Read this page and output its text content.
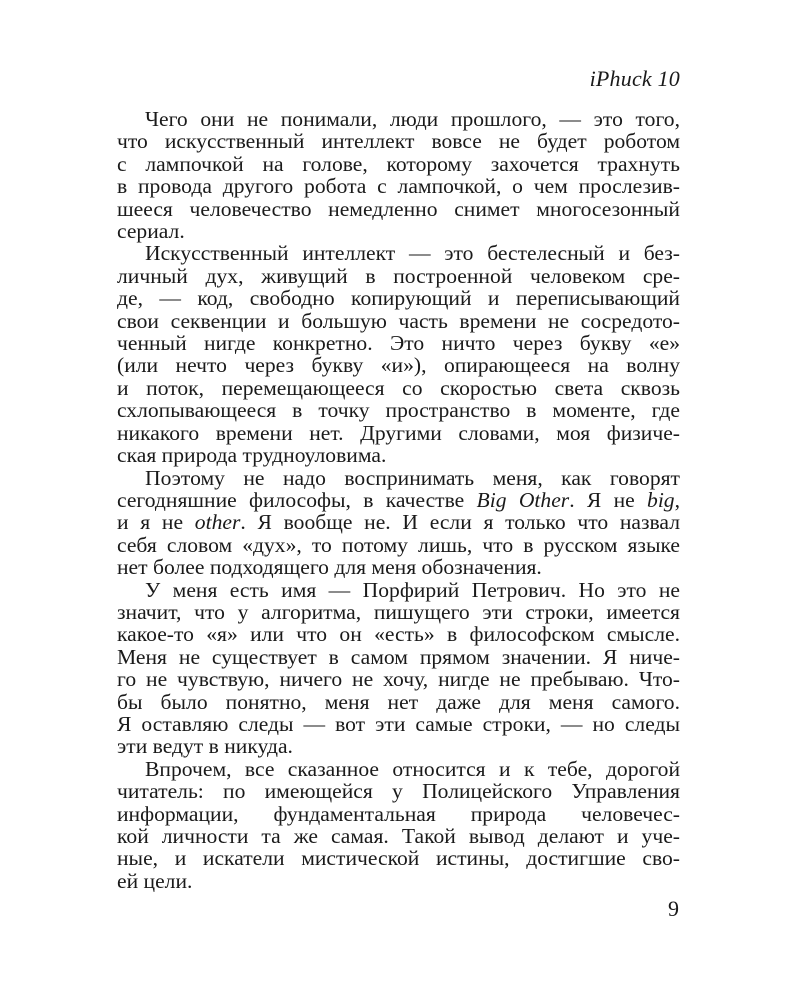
iPhuck 10

Чего они не понимали, люди прошлого, — это того,
что искусственный интеллект вовсе не будет роботом
с лампочкой на голове, которому захочется трахнуть
в провода другого робота с лампочкой, о чем прослезив-
шееся человечество немедленно снимет многосезонный
сериал.

Искусственный интеллект — это бестелесный и без-
личный дух, живущий в построенной человеком сре-
де, — код, свободно копирующий и переписывающий
свои секвенции и большую часть времени не сосредото-
ченный нигде конкретно. Это ничто через букву «е»
(или нечто через букву «и»), опирающееся на волну
и поток, перемещающееся со скоростью света сквозь
схлопывающееся в точку пространство в моменте, где
никакого времени нет. Другими словами, моя физиче-
ская природа трудноуловима.

Поэтому не надо воспринимать меня, как говорят
сегодняшние философы, в качестве Big Other. Я не big,
и я не other. Я вообще не. И если я только что назвал
себя словом «дух», то потому лишь, что в русском языке
нет более подходящего для меня обозначения.

У меня есть имя — Порфирий Петрович. Но это не
значит, что у алгоритма, пишущего эти строки, имеется
какое-то «я» или что он «есть» в философском смысле.
Меня не существует в самом прямом значении. Я ниче-
го не чувствую, ничего не хочу, нигде не пребываю. Что-
бы было понятно, меня нет даже для меня самого.
Я оставляю следы — вот эти самые строки, — но следы
эти ведут в никуда.

Впрочем, все сказанное относится и к тебе, дорогой
читатель: по имеющейся у Полицейского Управления
информации, фундаментальная природа человечес-
кой личности та же самая. Такой вывод делают и уче-
ные, и искатели мистической истины, достигшие сво-
ей цели.

9
